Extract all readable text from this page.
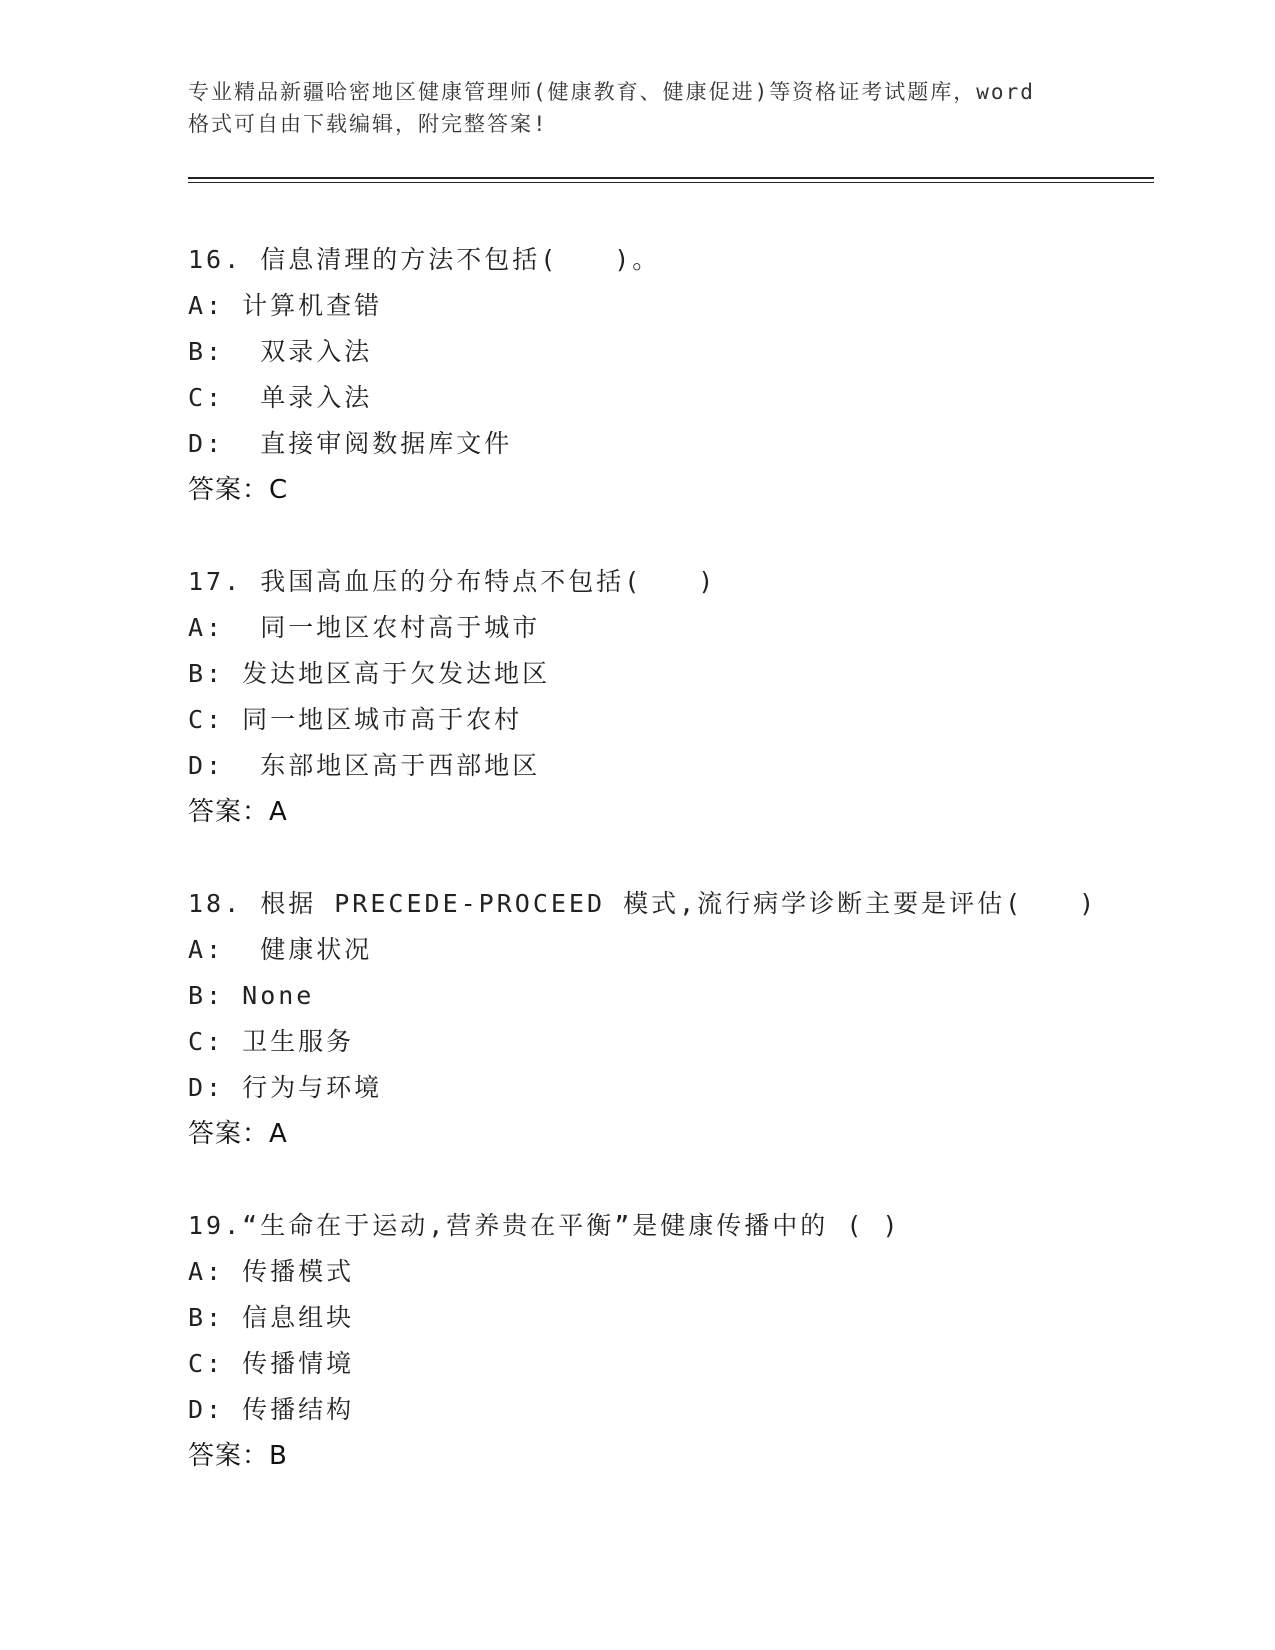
专业精品新疆哈密地区健康管理师(健康教育、健康促进)等资格证考试题库，word

格式可自由下载编辑，附完整答案!

16. 信息清理的方法不包括(　　)。
A: 计算机查错
B:  双录入法
C:  单录入法
D:  直接审阅数据库文件
答案：C
17. 我国高血压的分布特点不包括(　　)
A:  同一地区农村高于城市
B: 发达地区高于欠发达地区
C: 同一地区城市高于农村
D:  东部地区高于西部地区
答案：A
18. 根据 PRECEDE-PROCEED 模式,流行病学诊断主要是评估(　　)
A:  健康状况
B: None
C: 卫生服务
D: 行为与环境
答案：A
19.“生命在于运动,营养贵在平衡”是健康传播中的 ( )
A: 传播模式
B: 信息组块
C: 传播情境
D: 传播结构
答案：B
